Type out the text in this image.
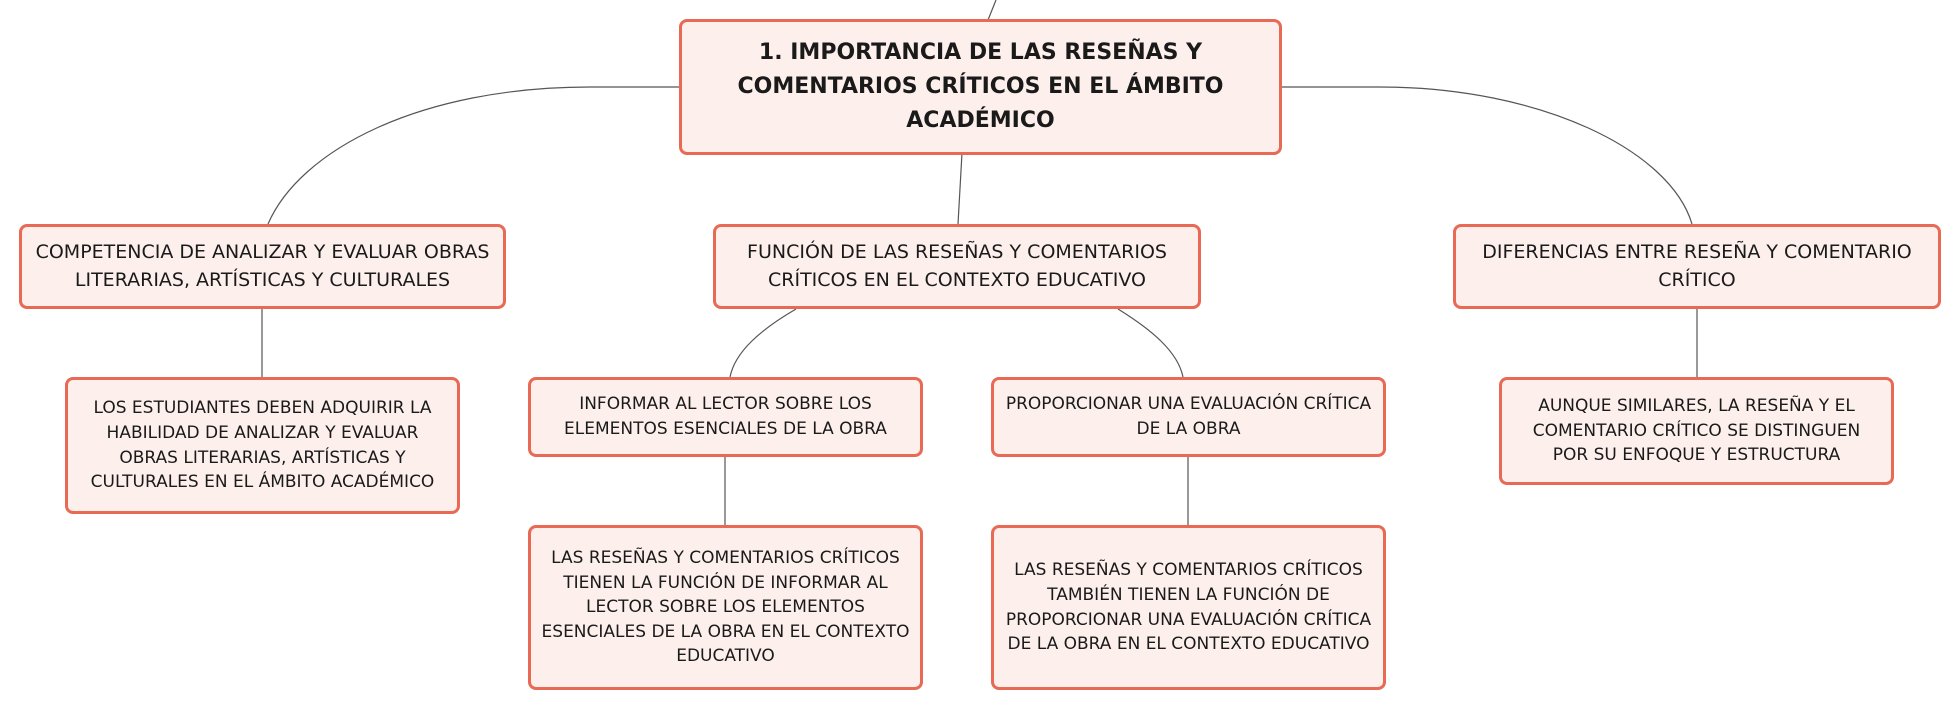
1. IMPORTANCIA DE LAS RESEÑAS Y COMENTARIOS CRÍTICOS EN EL ÁMBITO ACADÉMICO
COMPETENCIA DE ANALIZAR Y EVALUAR OBRAS LITERARIAS, ARTÍSTICAS Y CULTURALES
FUNCIÓN DE LAS RESEÑAS Y COMENTARIOS CRÍTICOS EN EL CONTEXTO EDUCATIVO
DIFERENCIAS ENTRE RESEÑA Y COMENTARIO CRÍTICO
LOS ESTUDIANTES DEBEN ADQUIRIR LA HABILIDAD DE ANALIZAR Y EVALUAR OBRAS LITERARIAS, ARTÍSTICAS Y CULTURALES EN EL ÁMBITO ACADÉMICO
INFORMAR AL LECTOR SOBRE LOS ELEMENTOS ESENCIALES DE LA OBRA
PROPORCIONAR UNA EVALUACIÓN CRÍTICA DE LA OBRA
AUNQUE SIMILARES, LA RESEÑA Y EL COMENTARIO CRÍTICO SE DISTINGUEN POR SU ENFOQUE Y ESTRUCTURA
LAS RESEÑAS Y COMENTARIOS CRÍTICOS TIENEN LA FUNCIÓN DE INFORMAR AL LECTOR SOBRE LOS ELEMENTOS ESENCIALES DE LA OBRA EN EL CONTEXTO EDUCATIVO
LAS RESEÑAS Y COMENTARIOS CRÍTICOS TAMBIÉN TIENEN LA FUNCIÓN DE PROPORCIONAR UNA EVALUACIÓN CRÍTICA DE LA OBRA EN EL CONTEXTO EDUCATIVO
